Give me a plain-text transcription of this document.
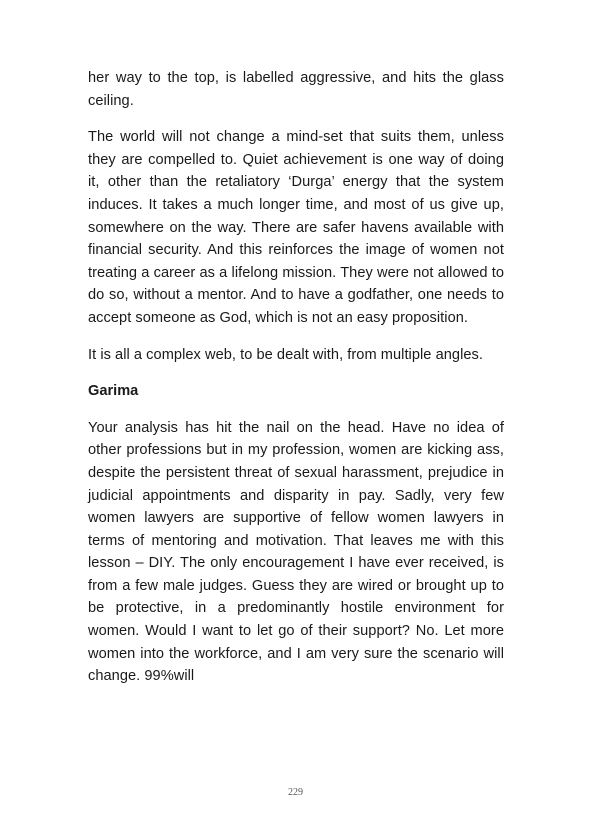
her way to the top, is labelled aggressive, and hits the glass ceiling.

The world will not change a mind-set that suits them, unless they are compelled to. Quiet achievement is one way of doing it, other than the retaliatory ‘Durga’ energy that the system induces. It takes a much longer time, and most of us give up, somewhere on the way. There are safer havens available with financial security. And this reinforces the image of women not treating a career as a lifelong mission. They were not allowed to do so, without a mentor. And to have a godfather, one needs to accept someone as God, which is not an easy proposition.

It is all a complex web, to be dealt with, from multiple angles.

Garima

Your analysis has hit the nail on the head. Have no idea of other professions but in my profession, women are kicking ass, despite the persistent threat of sexual harassment, prejudice in judicial appointments and disparity in pay. Sadly, very few women lawyers are supportive of fellow women lawyers in terms of mentoring and motivation. That leaves me with this lesson – DIY. The only encouragement I have ever received, is from a few male judges. Guess they are wired or brought up to be protective, in a predominantly hostile environment for women. Would I want to let go of their support? No. Let more women into the workforce, and I am very sure the scenario will change. 99%will

229
